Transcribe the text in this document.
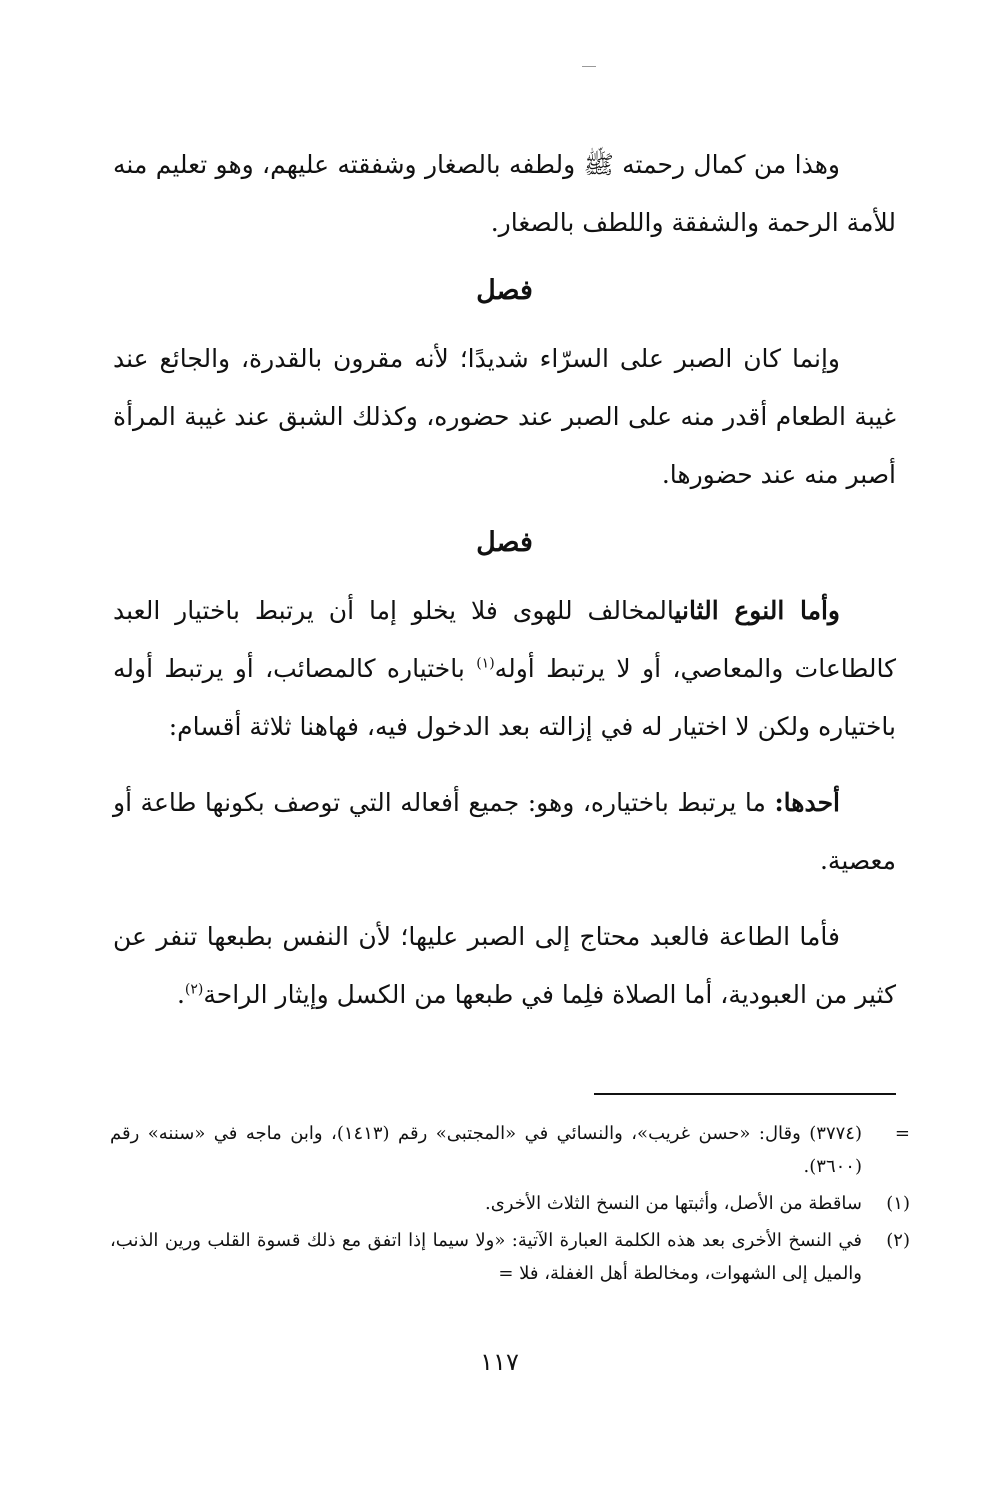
وهذا من كمال رحمته ﷺ ولطفه بالصغار وشفقته عليهم، وهو تعليم منه للأمة الرحمة والشفقة واللطف بالصغار.

فصل

وإنما كان الصبر على السرّاء شديدًا؛ لأنه مقرون بالقدرة، والجائع عند غيبة الطعام أقدر منه على الصبر عند حضوره، وكذلك الشبق عند غيبة المرأة أصبر منه عند حضورها.

فصل

وأما النوع الثانيالمخالف للهوى فلا يخلو إما أن يرتبط باختيار العبد كالطاعات والمعاصي، أو لا يرتبط أوله$^{(١)}$ باختياره كالمصائب، أو يرتبط أوله باختياره ولكن لا اختيار له في إزالته بعد الدخول فيه، فهاهنا ثلاثة أقسام:

أحدها: ما يرتبط باختياره، وهو: جميع أفعاله التي توصف بكونها طاعة أو معصية.

فأما الطاعة فالعبد محتاج إلى الصبر عليها؛ لأن النفس بطبعها تنفر عن كثير من العبودية، أما الصلاة فلِما في طبعها من الكسل وإيثار الراحة$^{(٢)}$.

=
(٣٧٧٤) وقال: «حسن غريب»، والنسائي في «المجتبى» رقم (١٤١٣)، وابن ماجه في «سننه» رقم (٣٦٠٠).
(١)
ساقطة من الأصل، وأثبتها من النسخ الثلاث الأخرى.
(٢)
في النسخ الأخرى بعد هذه الكلمة العبارة الآتية: «ولا سيما إذا اتفق مع ذلك قسوة القلب ورين الذنب، والميل إلى الشهوات، ومخالطة أهل الغفلة، فلا =
١١٧
